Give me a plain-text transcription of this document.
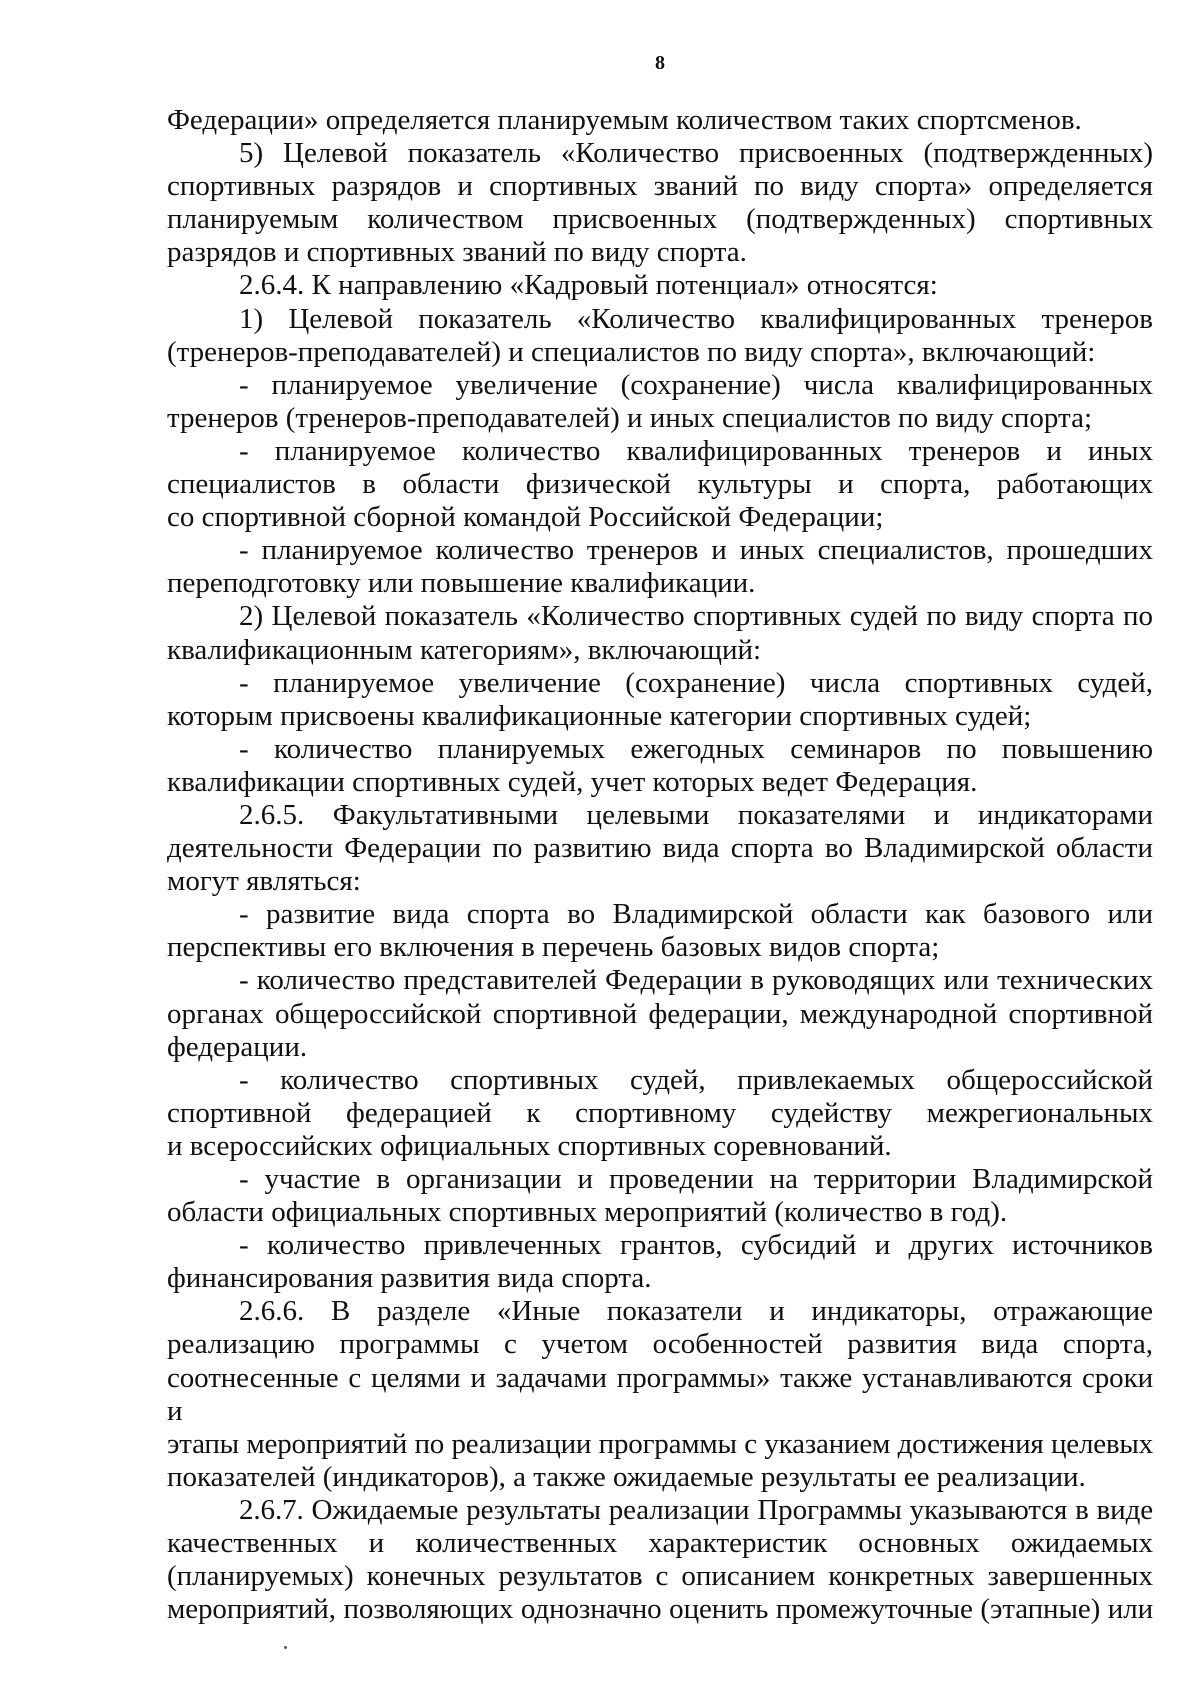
8
Федерации» определяется планируемым количеством таких спортсменов.
5) Целевой показатель «Количество присвоенных (подтвержденных)
спортивных разрядов и спортивных званий по виду спорта» определяется
планируемым количеством присвоенных (подтвержденных) спортивных
разрядов и спортивных званий по виду спорта.
2.6.4. К направлению «Кадровый потенциал» относятся:
1) Целевой показатель «Количество квалифицированных тренеров
(тренеров-преподавателей) и специалистов по виду спорта», включающий:
- планируемое увеличение (сохранение) числа квалифицированных
тренеров (тренеров-преподавателей) и иных специалистов по виду спорта;
- планируемое количество квалифицированных тренеров и иных
специалистов в области физической культуры и спорта, работающих
со спортивной сборной командой Российской Федерации;
- планируемое количество тренеров и иных специалистов, прошедших
переподготовку или повышение квалификации.
2) Целевой показатель «Количество спортивных судей по виду спорта по
квалификационным категориям», включающий:
- планируемое увеличение (сохранение) числа спортивных судей,
которым присвоены квалификационные категории спортивных судей;
- количество планируемых ежегодных семинаров по повышению
квалификации спортивных судей, учет которых ведет Федерация.
2.6.5. Факультативными целевыми показателями и индикаторами
деятельности Федерации по развитию вида спорта во Владимирской области
могут являться:
- развитие вида спорта во Владимирской области как базового или
перспективы его включения в перечень базовых видов спорта;
- количество представителей Федерации в руководящих или технических
органах общероссийской спортивной федерации, международной спортивной
федерации.
- количество спортивных судей, привлекаемых общероссийской
спортивной федерацией к спортивному судейству межрегиональных
и всероссийских официальных спортивных соревнований.
- участие в организации и проведении на территории Владимирской
области официальных спортивных мероприятий (количество в год).
- количество привлеченных грантов, субсидий и других источников
финансирования развития вида спорта.
2.6.6. В разделе «Иные показатели и индикаторы, отражающие
реализацию программы с учетом особенностей развития вида спорта,
соотнесенные с целями и задачами программы» также устанавливаются сроки и
этапы мероприятий по реализации программы с указанием достижения целевых
показателей (индикаторов), а также ожидаемые результаты ее реализации.
2.6.7. Ожидаемые результаты реализации Программы указываются в виде
качественных и количественных характеристик основных ожидаемых
(планируемых) конечных результатов с описанием конкретных завершенных
мероприятий, позволяющих однозначно оценить промежуточные (этапные) или
